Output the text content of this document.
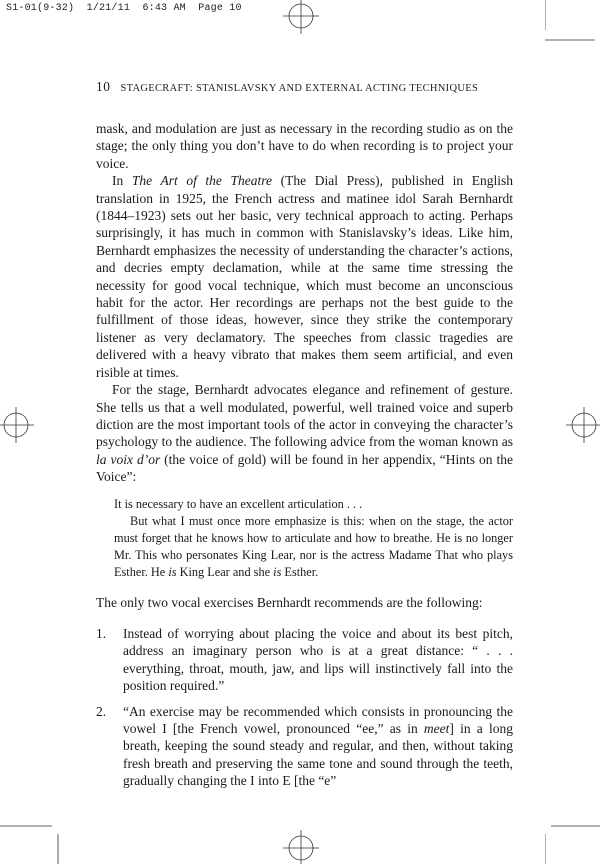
S1-01(9-32) 1/21/11 6:43 AM Page 10
10 STAGECRAFT: STANISLAVSKY AND EXTERNAL ACTING TECHNIQUES

mask, and modulation are just as necessary in the recording studio as on the stage; the only thing you don’t have to do when recording is to project your voice.

In The Art of the Theatre (The Dial Press), published in English translation in 1925, the French actress and matinee idol Sarah Bernhardt (1844–1923) sets out her basic, very technical approach to acting. Perhaps surprisingly, it has much in common with Stanislavsky’s ideas. Like him, Bernhardt emphasizes the necessity of understanding the character’s actions, and decries empty declamation, while at the same time stressing the necessity for good vocal technique, which must become an unconscious habit for the actor. Her recordings are perhaps not the best guide to the fulfillment of those ideas, however, since they strike the contemporary listener as very declamatory. The speeches from classic tragedies are delivered with a heavy vibrato that makes them seem artificial, and even risible at times.

For the stage, Bernhardt advocates elegance and refinement of gesture. She tells us that a well modulated, powerful, well trained voice and superb diction are the most important tools of the actor in conveying the character’s psychology to the audience. The following advice from the woman known as la voix d’or (the voice of gold) will be found in her appendix, “Hints on the Voice”:

It is necessary to have an excellent articulation . . .

But what I must once more emphasize is this: when on the stage, the actor must forget that he knows how to articulate and how to breathe. He is no longer Mr. This who personates King Lear, nor is the actress Madame That who plays Esther. He is King Lear and she is Esther.

The only two vocal exercises Bernhardt recommends are the following:

1. Instead of worrying about placing the voice and about its best pitch, address an imaginary person who is at a great distance: “ . . . everything, throat, mouth, jaw, and lips will instinctively fall into the position required.”
2. “An exercise may be recommended which consists in pronouncing the vowel I [the French vowel, pronounced “ee,” as in meet] in a long breath, keeping the sound steady and regular, and then, without taking fresh breath and preserving the same tone and sound through the teeth, gradually changing the I into E [the “e”
